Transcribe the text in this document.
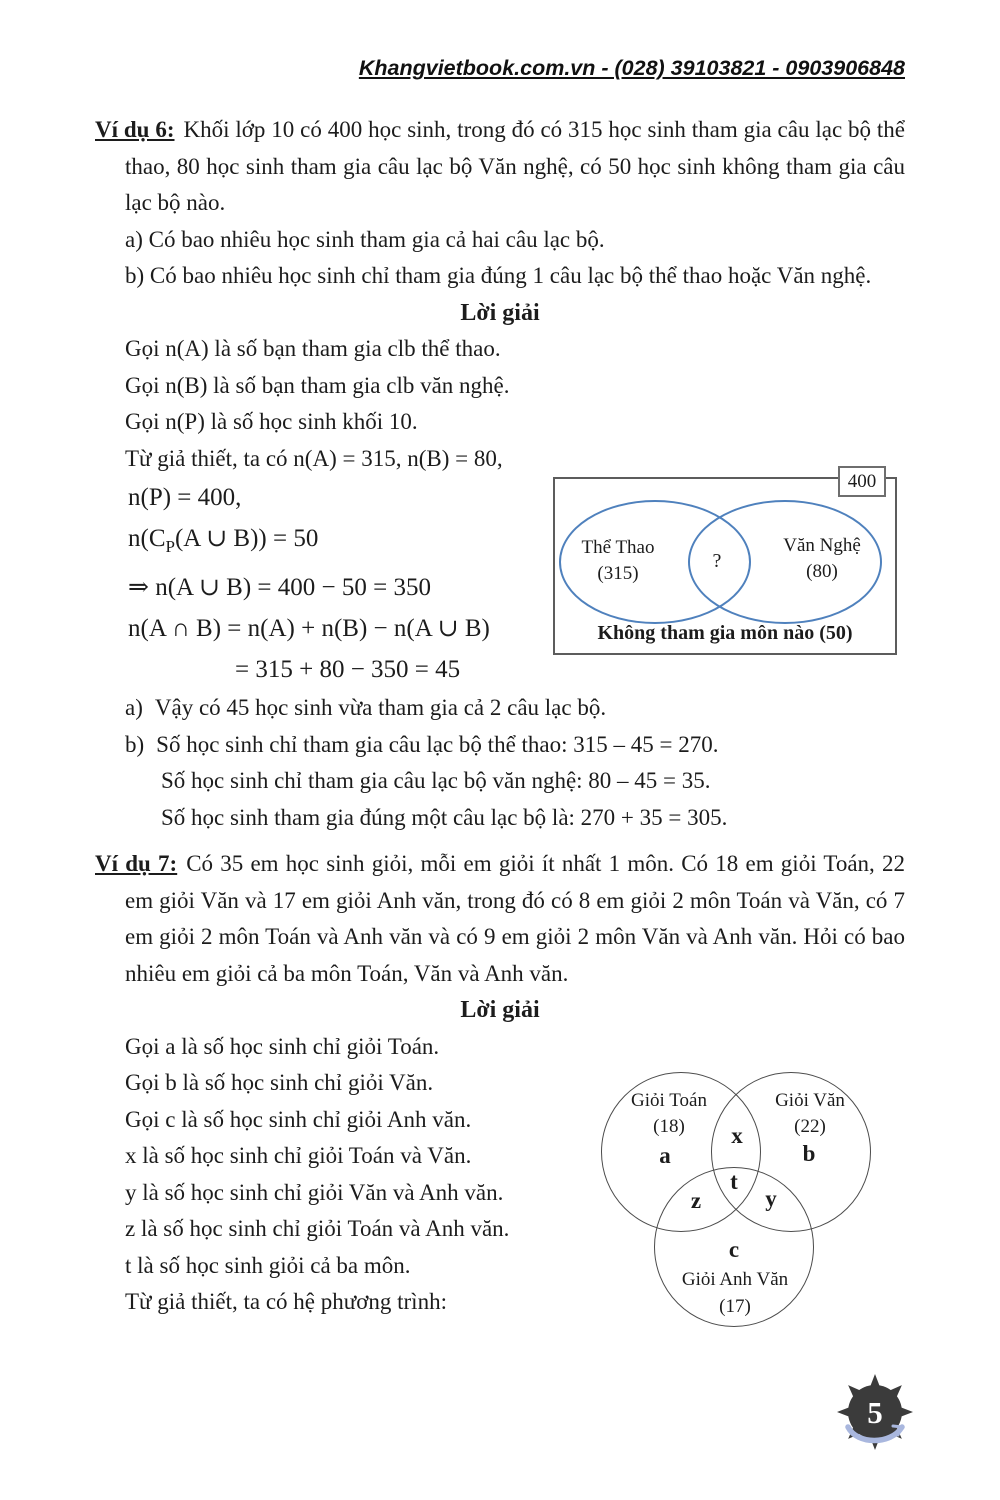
Khangvietbook.com.vn - (028) 39103821 - 0903906848
Ví dụ 6: Khối lớp 10 có 400 học sinh, trong đó có 315 học sinh tham gia câu lạc bộ thể thao, 80 học sinh tham gia câu lạc bộ Văn nghệ, có 50 học sinh không tham gia câu lạc bộ nào.
a) Có bao nhiêu học sinh tham gia cả hai câu lạc bộ.
b) Có bao nhiêu học sinh chỉ tham gia đúng 1 câu lạc bộ thể thao hoặc Văn nghệ.
Lời giải
Gọi n(A) là số bạn tham gia clb thể thao.
Gọi n(B) là số bạn tham gia clb văn nghệ.
Gọi n(P) là số học sinh khối 10.
Từ giả thiết, ta có n(A) = 315, n(B) = 80,
n(P) = 400,
$n(C_P(A$ ∪ B)) = 50
⇒ n(A ∪ B) = 400 − 50 = 350
n(A ∩ B) = n(A) + n(B) − n(A ∪ B)
= 315 + 80 − 350 = 45
a) Vậy có 45 học sinh vừa tham gia cả 2 câu lạc bộ.
b) Số học sinh chỉ tham gia câu lạc bộ thể thao: 315 – 45 = 270.
Số học sinh chỉ tham gia câu lạc bộ văn nghệ: 80 – 45 = 35.
Số học sinh tham gia đúng một câu lạc bộ là: 270 + 35 = 305.
Ví dụ 7: Có 35 em học sinh giỏi, mỗi em giỏi ít nhất 1 môn. Có 18 em giỏi Toán, 22 em giỏi Văn và 17 em giỏi Anh văn, trong đó có 8 em giỏi 2 môn Toán và Văn, có 7 em giỏi 2 môn Toán và Anh văn và có 9 em giỏi 2 môn Văn và Anh văn. Hỏi có bao nhiêu em giỏi cả ba môn Toán, Văn và Anh văn.
Lời giải
Gọi a là số học sinh chỉ giỏi Toán.
Gọi b là số học sinh chỉ giỏi Văn.
Gọi c là số học sinh chỉ giỏi Anh văn.
x là số học sinh chỉ giỏi Toán và Văn.
y là số học sinh chỉ giỏi Văn và Anh văn.
z là số học sinh chỉ giỏi Toán và Anh văn.
t là số học sinh giỏi cả ba môn.
Từ giả thiết, ta có hệ phương trình:
400
Thể Thao
(315)
?
Văn Nghệ
(80)
Không tham gia môn nào (50)
Giỏi Toán
(18)
Giỏi Văn
(22)
x
a	b
t
z	y
c
Giỏi Anh Văn
(17)
5
